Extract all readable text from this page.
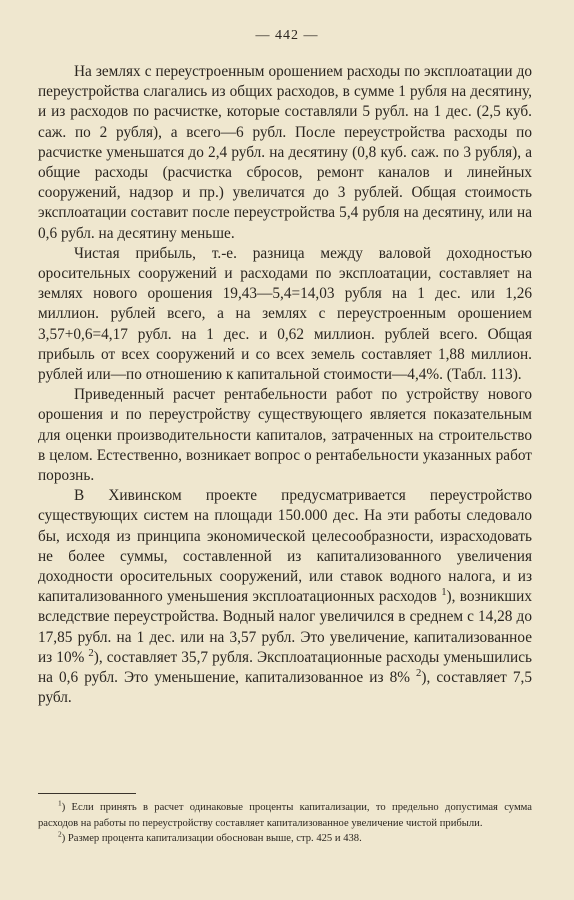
— 442 —

На землях с переустроенным орошением расходы по эксплоатации до переустройства слагались из общих расходов, в сумме 1 рубля на десятину, и из расходов по расчистке, которые составляли 5 рубл. на 1 дес. (2,5 куб. саж. по 2 рубля), а всего—6 рубл. После переустройства расходы по расчистке уменьшатся до 2,4 рубл. на десятину (0,8 куб. саж. по 3 рубля), а общие расходы (расчистка сбросов, ремонт каналов и линейных сооружений, надзор и пр.) увеличатся до 3 рублей. Общая стоимость эксплоатации составит после переустройства 5,4 рубля на десятину, или на 0,6 рубл. на десятину меньше.

Чистая прибыль, т.-е. разница между валовой доходностью оросительных сооружений и расходами по эксплоатации, составляет на землях нового орошения 19,43—5,4=14,03 рубля на 1 дес. или 1,26 миллион. рублей всего, а на землях с переустроенным орошением 3,57+0,6=4,17 рубл. на 1 дес. и 0,62 миллион. рублей всего. Общая прибыль от всех сооружений и со всех земель составляет 1,88 миллион. рублей или—по отношению к капитальной стоимости—4,4%. (Табл. 113).

Приведенный расчет рентабельности работ по устройству нового орошения и по переустройству существующего является показательным для оценки производительности капиталов, затраченных на строительство в целом. Естественно, возникает вопрос о рентабельности указанных работ порознь.

В Хивинском проекте предусматривается переустройство существующих систем на площади 150.000 дес. На эти работы следовало бы, исходя из принципа экономической целесообразности, израсходовать не более суммы, составленной из капитализованного увеличения доходности оросительных сооружений, или ставок водного налога, и из капитализованного уменьшения эксплоатационных расходов $^1$), возникших вследствие переустройства. Водный налог увеличился в среднем с 14,28 до 17,85 рубл. на 1 дес. или на 3,57 рубл. Это увеличение, капитализованное из 10% $^2$), составляет 35,7 рубля. Эксплоатационные расходы уменьшились на 0,6 рубл. Это уменьшение, капитализованное из 8% $^2$), составляет 7,5 рубл.

$^1$) Если принять в расчет одинаковые проценты капитализации, то предельно допустимая сумма расходов на работы по переустройству составляет капитализованное увеличение чистой прибыли.

$^2$) Размер процента капитализации обоснован выше, стр. 425 и 438.
